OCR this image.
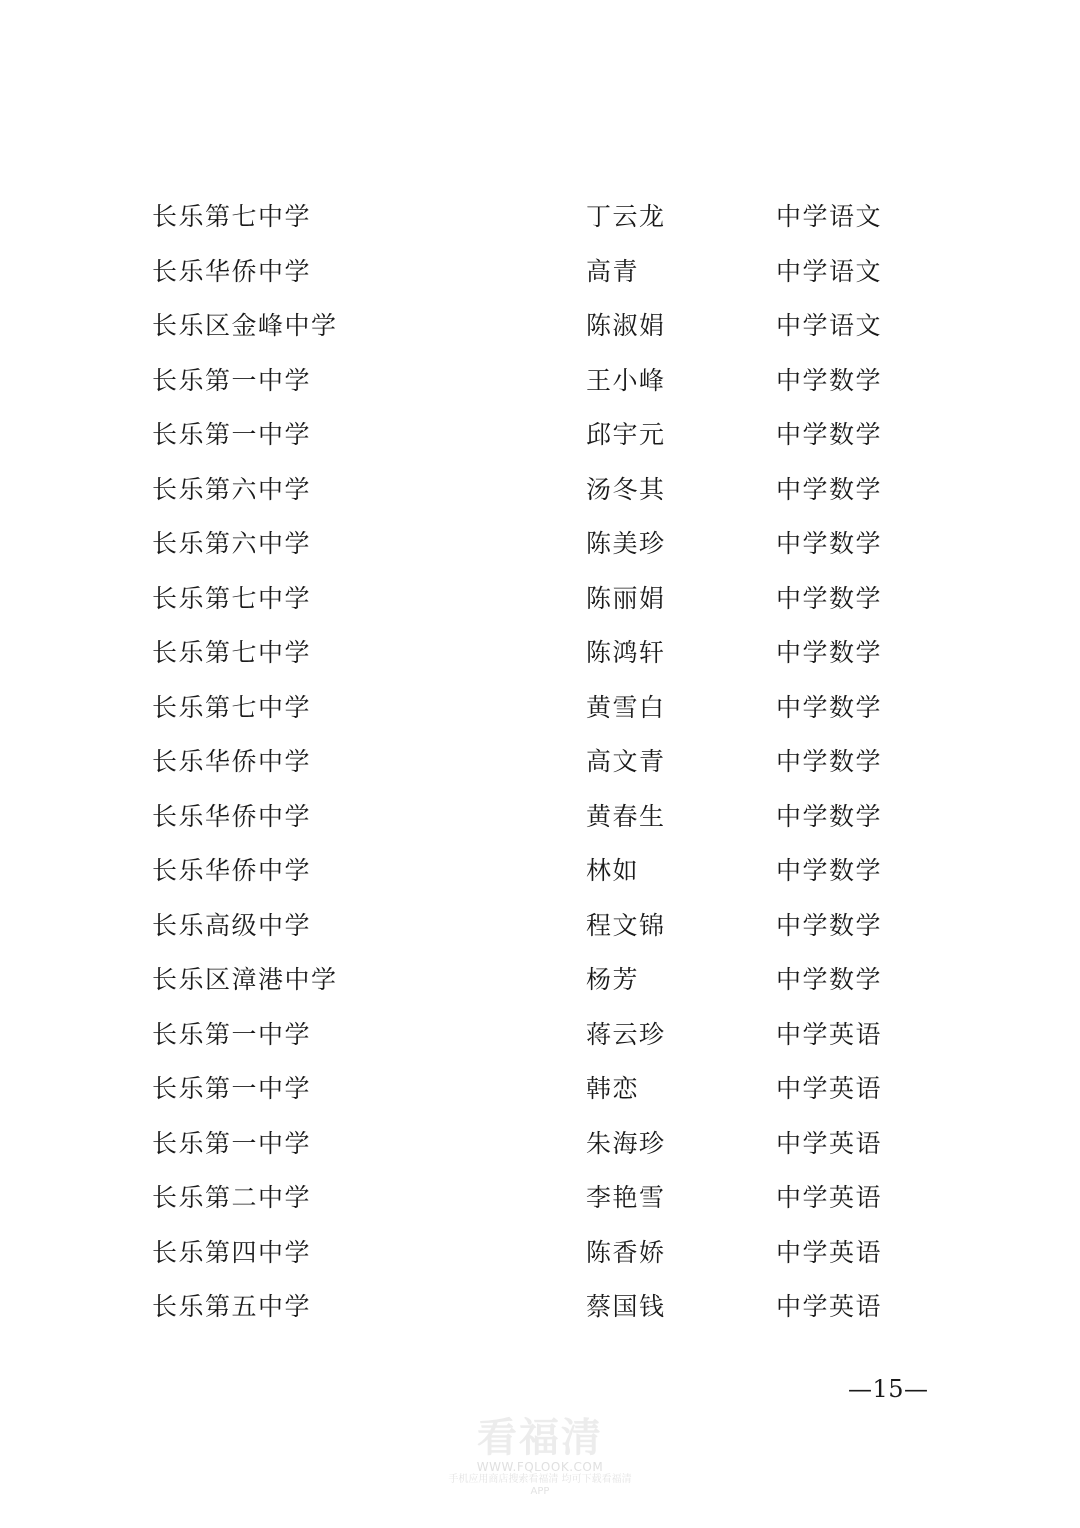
长乐第七中学	丁云龙	中学语文
长乐华侨中学	高青	中学语文
长乐区金峰中学	陈淑娟	中学语文
长乐第一中学	王小峰	中学数学
长乐第一中学	邱宇元	中学数学
长乐第六中学	汤冬其	中学数学
长乐第六中学	陈美珍	中学数学
长乐第七中学	陈丽娟	中学数学
长乐第七中学	陈鸿轩	中学数学
长乐第七中学	黄雪白	中学数学
长乐华侨中学	高文青	中学数学
长乐华侨中学	黄春生	中学数学
长乐华侨中学	林如	中学数学
长乐高级中学	程文锦	中学数学
长乐区漳港中学	杨芳	中学数学
长乐第一中学	蒋云珍	中学英语
长乐第一中学	韩恋	中学英语
长乐第一中学	朱海珍	中学英语
长乐第二中学	李艳雪	中学英语
长乐第四中学	陈香娇	中学英语
长乐第五中学	蔡国钱	中学英语
—15—
看福清
WWW.FQLOOK.COM
手机应用商店搜索看福清 均可下载看福清APP
